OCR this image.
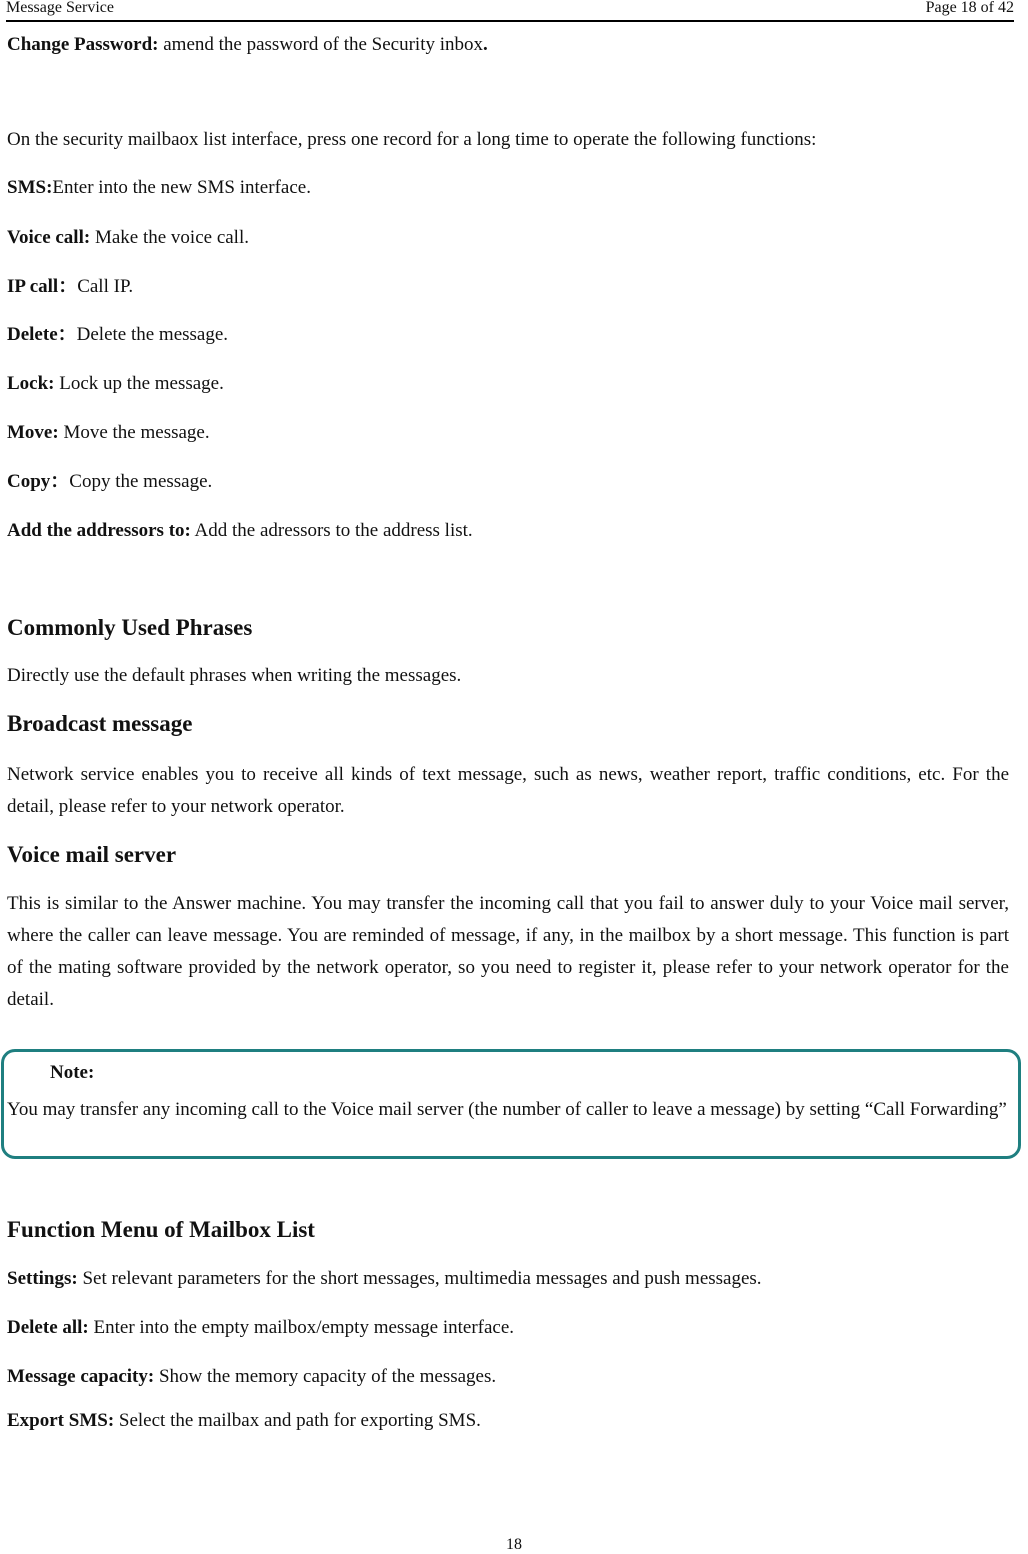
Message Service	Page 18 of 42
Change Password: amend the password of the Security inbox.
On the security mailbaox list interface, press one record for a long time to operate the following functions:
SMS:Enter into the new SMS interface.
Voice call: Make the voice call.
IP call：Call IP.
Delete：Delete the message.
Lock: Lock up the message.
Move: Move the message.
Copy：Copy the message.
Add the addressors to: Add the adressors to the address list.
Commonly Used Phrases
Directly use the default phrases when writing the messages.
Broadcast message
Network service enables you to receive all kinds of text message, such as news, weather report, traffic conditions, etc. For the detail, please refer to your network operator.
Voice mail server
This is similar to the Answer machine. You may transfer the incoming call that you fail to answer duly to your Voice mail server, where the caller can leave message. You are reminded of message, if any, in the mailbox by a short message. This function is part of the mating software provided by the network operator, so you need to register it, please refer to your network operator for the detail.
Note:
You may transfer any incoming call to the Voice mail server (the number of caller to leave a message) by setting “Call Forwarding”
Function Menu of Mailbox List
Settings: Set relevant parameters for the short messages, multimedia messages and push messages.
Delete all: Enter into the empty mailbox/empty message interface.
Message capacity: Show the memory capacity of the messages.
Export SMS: Select the mailbax and path for exporting SMS.
18
